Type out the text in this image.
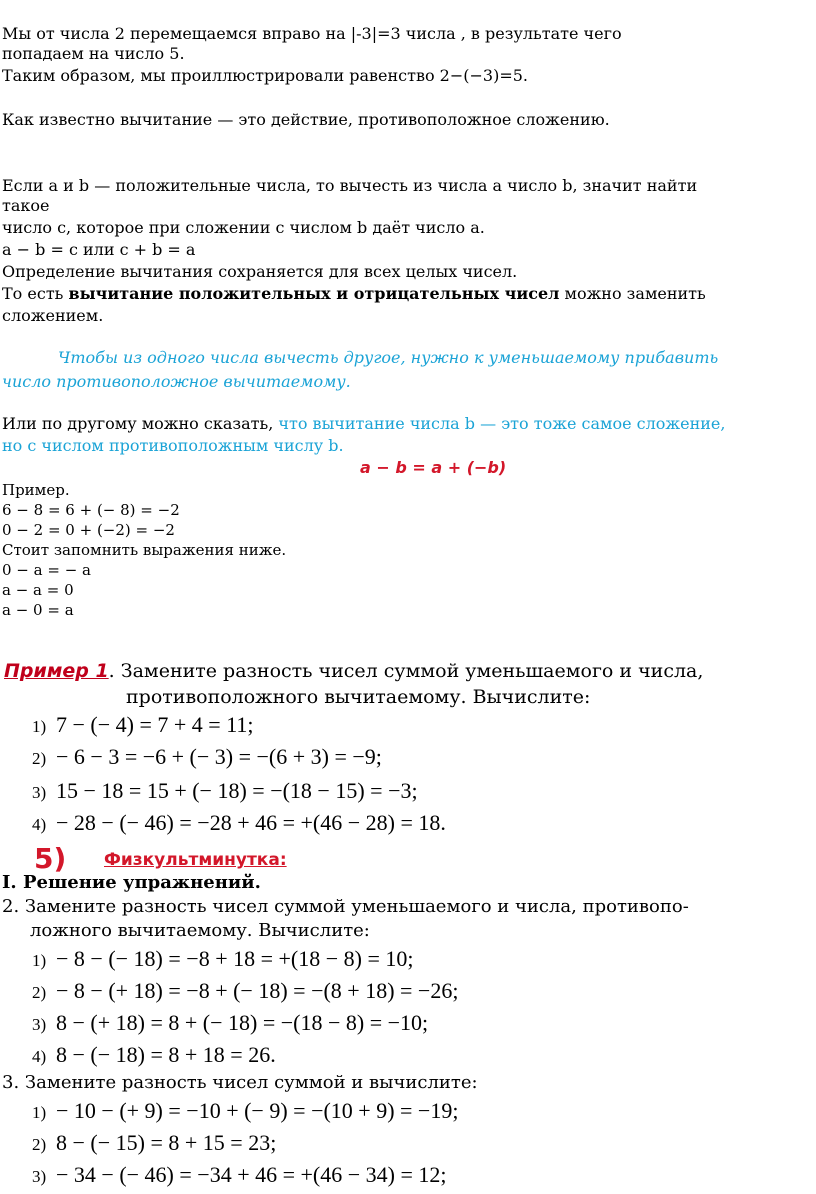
Мы от числа 2 перемещаемся вправо на |-3|=3 числа , в результате чего
попадаем на число 5.
Таким образом, мы проиллюстрировали равенство 2−(−3)=5.
Как известно вычитание — это действие, противоположное сложению.
Если a и b — положительные числа, то вычесть из числа a число b, значит найти
такое
число c, которое при сложении с числом b даёт число a.
a − b = c или c + b = a
Определение вычитания сохраняется для всех целых чисел.
То есть вычитание положительных и отрицательных чисел можно заменить
сложением.
Чтобы из одного числа вычесть другое, нужно к уменьшаемому прибавить
число противоположное вычитаемому.
Или по другому можно сказать, что вычитание числа b — это тоже самое сложение,
но с числом противоположным числу b.
a − b = a + (−b)
Пример.
6 − 8 = 6 + (− 8) = −2
0 − 2 = 0 + (−2) = −2
Стоит запомнить выражения ниже.
0 − a = − a
a − a = 0
a − 0 = a
Пример 1. Замените разность чисел суммой уменьшаемого и числа,
противоположного вычитаемому. Вычислите:
1) 7 − (− 4) = 7 + 4 = 11;
2) − 6 − 3 = −6 + (− 3) = −(6 + 3) = −9;
3) 15 − 18 = 15 + (− 18) = −(18 − 15) = −3;
4) − 28 − (− 46) = −28 + 46 = +(46 − 28) = 18.
5) Физкультминутка:
I. Решение упражнений.
2. Замените разность чисел суммой уменьшаемого и числа, противопо-
ложного вычитаемому. Вычислите:
1) − 8 − (− 18) = −8 + 18 = +(18 − 8) = 10;
2) − 8 − (+ 18) = −8 + (− 18) = −(8 + 18) = −26;
3) 8 − (+ 18) = 8 + (− 18) = −(18 − 8) = −10;
4) 8 − (− 18) = 8 + 18 = 26.
3. Замените разность чисел суммой и вычислите:
1) − 10 − (+ 9) = −10 + (− 9) = −(10 + 9) = −19;
2) 8 − (− 15) = 8 + 15 = 23;
3) − 34 − (− 46) = −34 + 46 = +(46 − 34) = 12;
